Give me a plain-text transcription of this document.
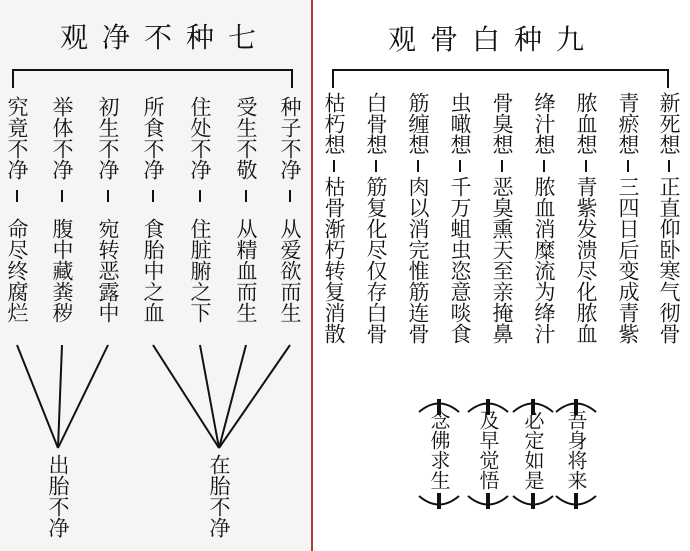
观净不种七
究竟不净
命尽终腐烂
举体不净
腹中藏粪秽
初生不净
宛转恶露中
所食不净
食胎中之血
住处不净
住脏腑之下
受生不敬
从精血而生
种子不净
从爱欲而生
出胎不净	在胎不净
观骨白种九
枯朽想
枯骨渐朽转复消散
白骨想
筋复化尽仅存白骨
筋缠想
肉以消完惟筋连骨
虫噉想
千万蛆虫恣意啖食
骨臭想
恶臭熏天至亲掩鼻
绛汁想
脓血消糜流为绛汁
脓血想
青紫发溃尽化脓血
青瘀想
三四日后变成青紫
新死想
正直仰卧寒气彻骨
念佛求生 及早觉悟 必定如是 吾身将来
